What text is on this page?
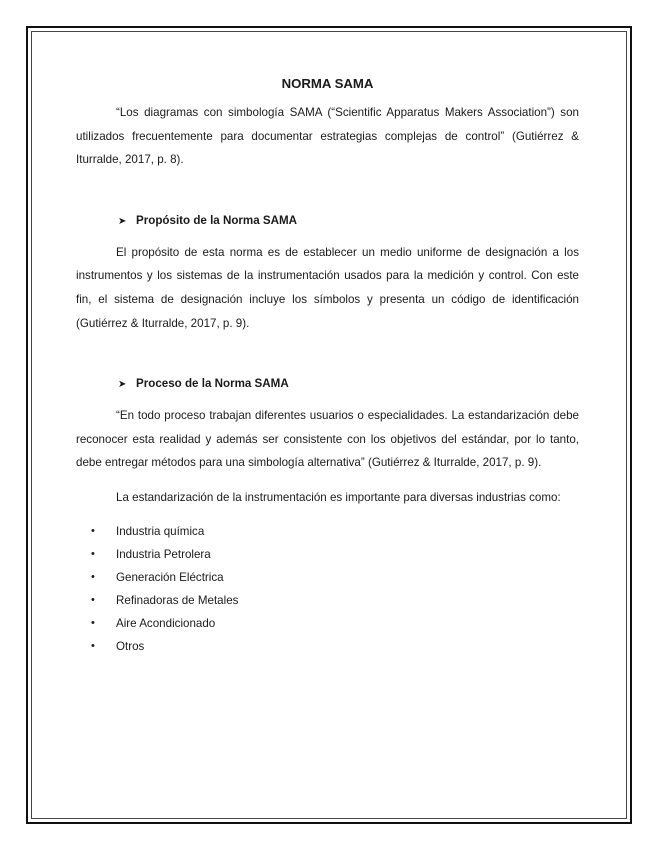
NORMA SAMA

“Los diagramas con simbología SAMA (“Scientific Apparatus Makers Association”) son utilizados frecuentemente para documentar estrategias complejas de control” (Gutiérrez & Iturralde, 2017, p. 8).

➤ Propósito de la Norma SAMA

El propósito de esta norma es de establecer un medio uniforme de designación a los instrumentos y los sistemas de la instrumentación usados para la medición y control. Con este fin, el sistema de designación incluye los símbolos y presenta un código de identificación (Gutiérrez & Iturralde, 2017, p. 9).

➤ Proceso de la Norma SAMA

“En todo proceso trabajan diferentes usuarios o especialidades. La estandarización debe reconocer esta realidad y además ser consistente con los objetivos del estándar, por lo tanto, debe entregar métodos para una simbología alternativa” (Gutiérrez & Iturralde, 2017, p. 9).

La estandarización de la instrumentación es importante para diversas industrias como:

• Industria química
• Industria Petrolera
• Generación Eléctrica
• Refinadoras de Metales
• Aire Acondicionado
• Otros
